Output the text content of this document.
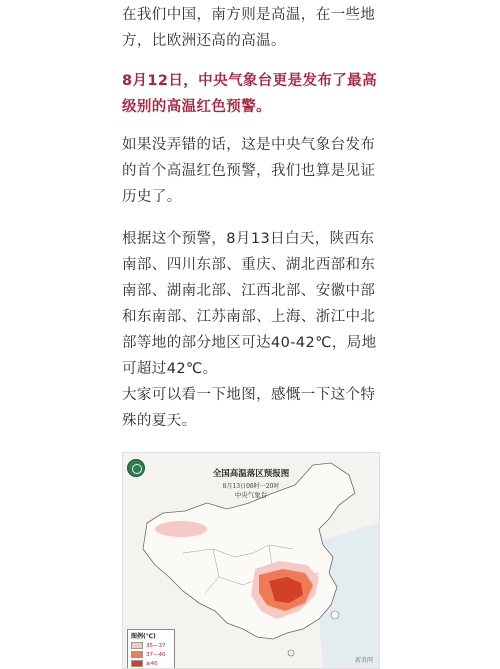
在我们中国，南方则是高温，在一些地方，比欧洲还高的高温。

8月12日，中央气象台更是发布了最高级别的高温红色预警。

如果没弄错的话，这是中央气象台发布的首个高温红色预警，我们也算是见证历史了。

根据这个预警，8月13日白天，陕西东南部、四川东部、重庆、湖北西部和东南部、湖南北部、江西北部、安徽中部和东南部、江苏南部、上海、浙江中北部等地的部分地区可达40-42℃，局地可超过42℃。

大家可以看一下地图，感慨一下这个特殊的夏天。

全国高温落区预报图
8月13日08时一20时
中央气象台
图例(℃)
35—37
37—40
≥40	新浪网
